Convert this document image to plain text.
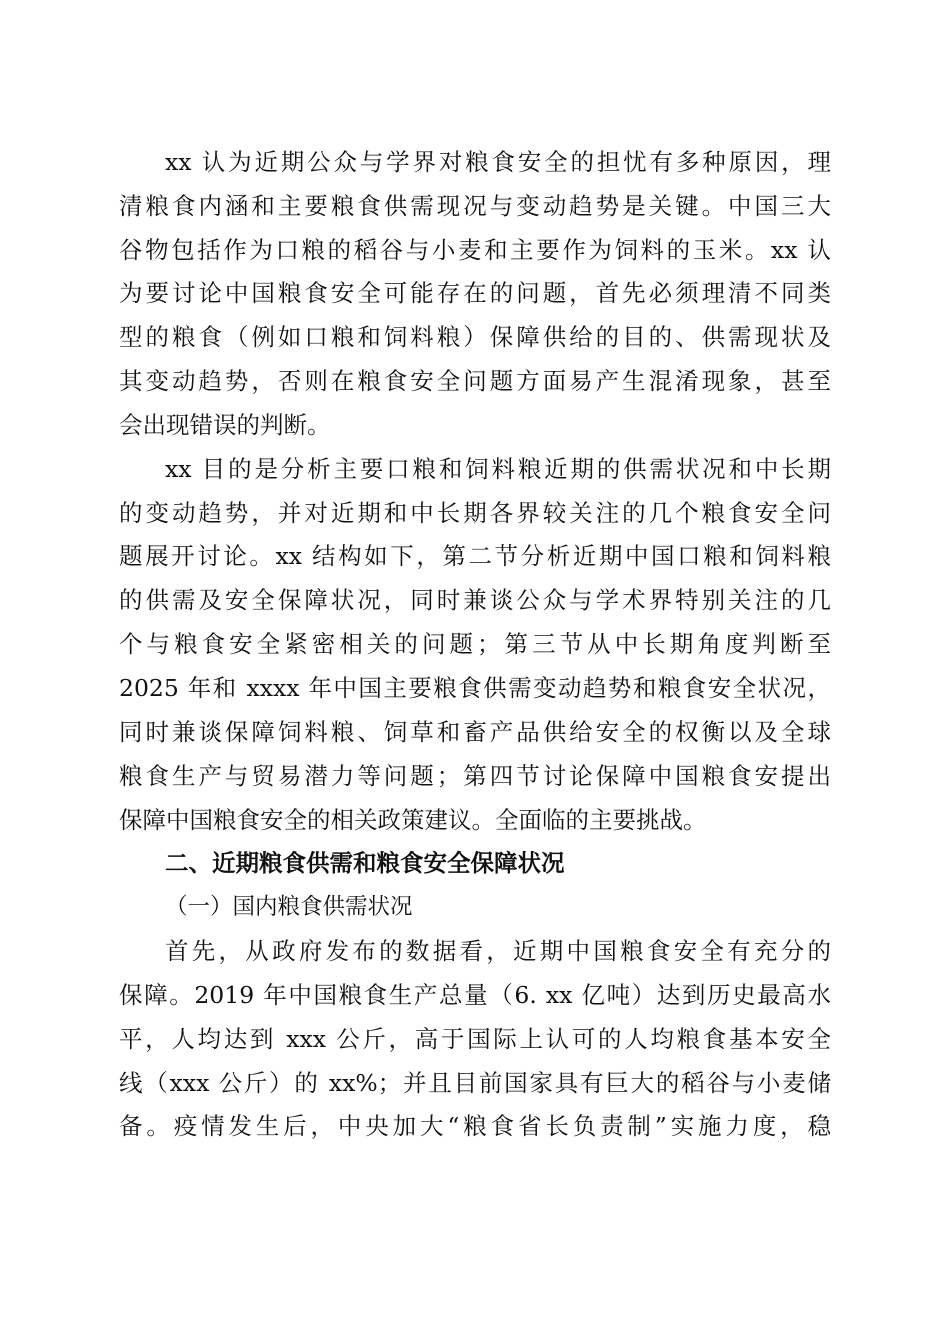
xx 认为近期公众与学界对粮食安全的担忧有多种原因，理
清粮食内涵和主要粮食供需现况与变动趋势是关键。中国三大
谷物包括作为口粮的稻谷与小麦和主要作为饲料的玉米。xx 认
为要讨论中国粮食安全可能存在的问题，首先必须理清不同类
型的粮食（例如口粮和饲料粮）保障供给的目的、供需现状及
其变动趋势，否则在粮食安全问题方面易产生混淆现象，甚至
会出现错误的判断。
xx 目的是分析主要口粮和饲料粮近期的供需状况和中长期
的变动趋势，并对近期和中长期各界较关注的几个粮食安全问
题展开讨论。xx 结构如下，第二节分析近期中国口粮和饲料粮
的供需及安全保障状况，同时兼谈公众与学术界特别关注的几
个与粮食安全紧密相关的问题；第三节从中长期角度判断至
2025 年和 xxxx 年中国主要粮食供需变动趋势和粮食安全状况，
同时兼谈保障饲料粮、饲草和畜产品供给安全的权衡以及全球
粮食生产与贸易潜力等问题；第四节讨论保障中国粮食安提出
保障中国粮食安全的相关政策建议。全面临的主要挑战。
二、近期粮食供需和粮食安全保障状况
（一）国内粮食供需状况
首先，从政府发布的数据看，近期中国粮食安全有充分的
保障。2019 年中国粮食生产总量（6. xx 亿吨）达到历史最高水
平，人均达到 xxx 公斤，高于国际上认可的人均粮食基本安全
线（xxx 公斤）的 xx%；并且目前国家具有巨大的稻谷与小麦储
备。疫情发生后，中央加大“粮食省长负责制”实施力度，稳
